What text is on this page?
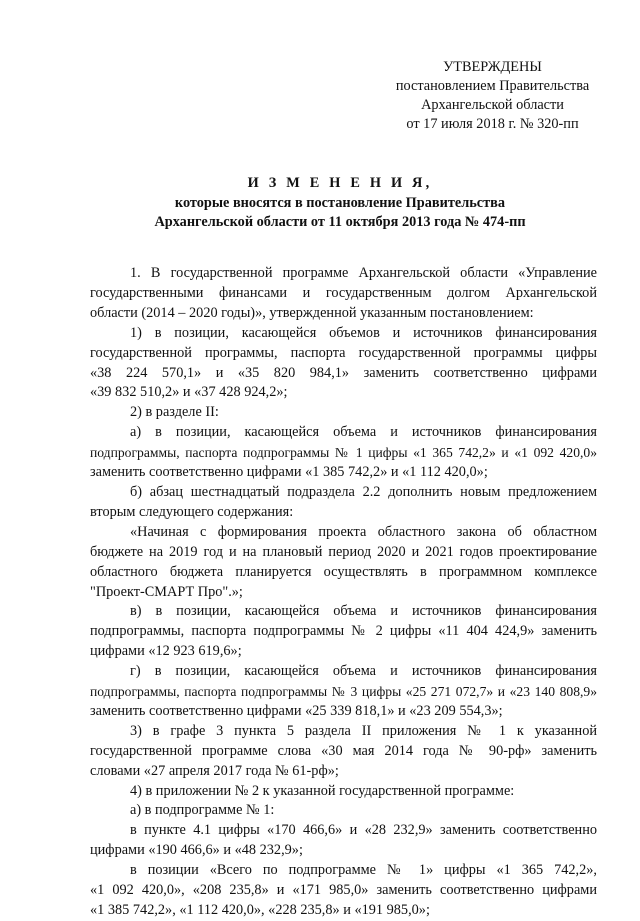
УТВЕРЖДЕНЫ
постановлением Правительства
Архангельской области
от 17 июля 2018 г. № 320-пп
И З М Е Н Е Н И Я,
которые вносятся в постановление Правительства
Архангельской области от 11 октября 2013 года № 474-пп
1. В государственной программе Архангельской области «Управление
государственными финансами и государственным долгом Архангельской
области (2014 – 2020 годы)», утвержденной указанным постановлением:
1) в позиции, касающейся объемов и источников финансирования
государственной программы, паспорта государственной программы цифры
«38 224 570,1» и «35 820 984,1» заменить соответственно цифрами
«39 832 510,2» и «37 428 924,2»;
2) в разделе II:
а) в позиции, касающейся объема и источников финансирования
подпрограммы, паспорта подпрограммы № 1 цифры «1 365 742,2» и «1 092 420,0»
заменить соответственно цифрами «1 385 742,2» и «1 112 420,0»;
б) абзац шестнадцатый подраздела 2.2 дополнить новым предложением
вторым следующего содержания:
«Начиная с формирования проекта областного закона об областном
бюджете на 2019 год и на плановый период 2020 и 2021 годов проектирование
областного бюджета планируется осуществлять в программном комплексе
"Проект-СМАРТ Про".»;
в) в позиции, касающейся объема и источников финансирования
подпрограммы, паспорта подпрограммы № 2 цифры «11 404 424,9» заменить
цифрами «12 923 619,6»;
г) в позиции, касающейся объема и источников финансирования
подпрограммы, паспорта подпрограммы № 3 цифры «25 271 072,7» и «23 140 808,9»
заменить соответственно цифрами «25 339 818,1» и «23 209 554,3»;
3) в графе 3 пункта 5 раздела II приложения № 1 к указанной
государственной программе слова «30 мая 2014 года № 90-рф» заменить
словами «27 апреля 2017 года № 61-рф»;
4) в приложении № 2 к указанной государственной программе:
а) в подпрограмме № 1:
в пункте 4.1 цифры «170 466,6» и «28 232,9» заменить соответственно
цифрами «190 466,6» и «48 232,9»;
в позиции «Всего по подпрограмме № 1» цифры «1 365 742,2»,
«1 092 420,0», «208 235,8» и «171 985,0» заменить соответственно цифрами
«1 385 742,2», «1 112 420,0», «228 235,8» и «191 985,0»;
